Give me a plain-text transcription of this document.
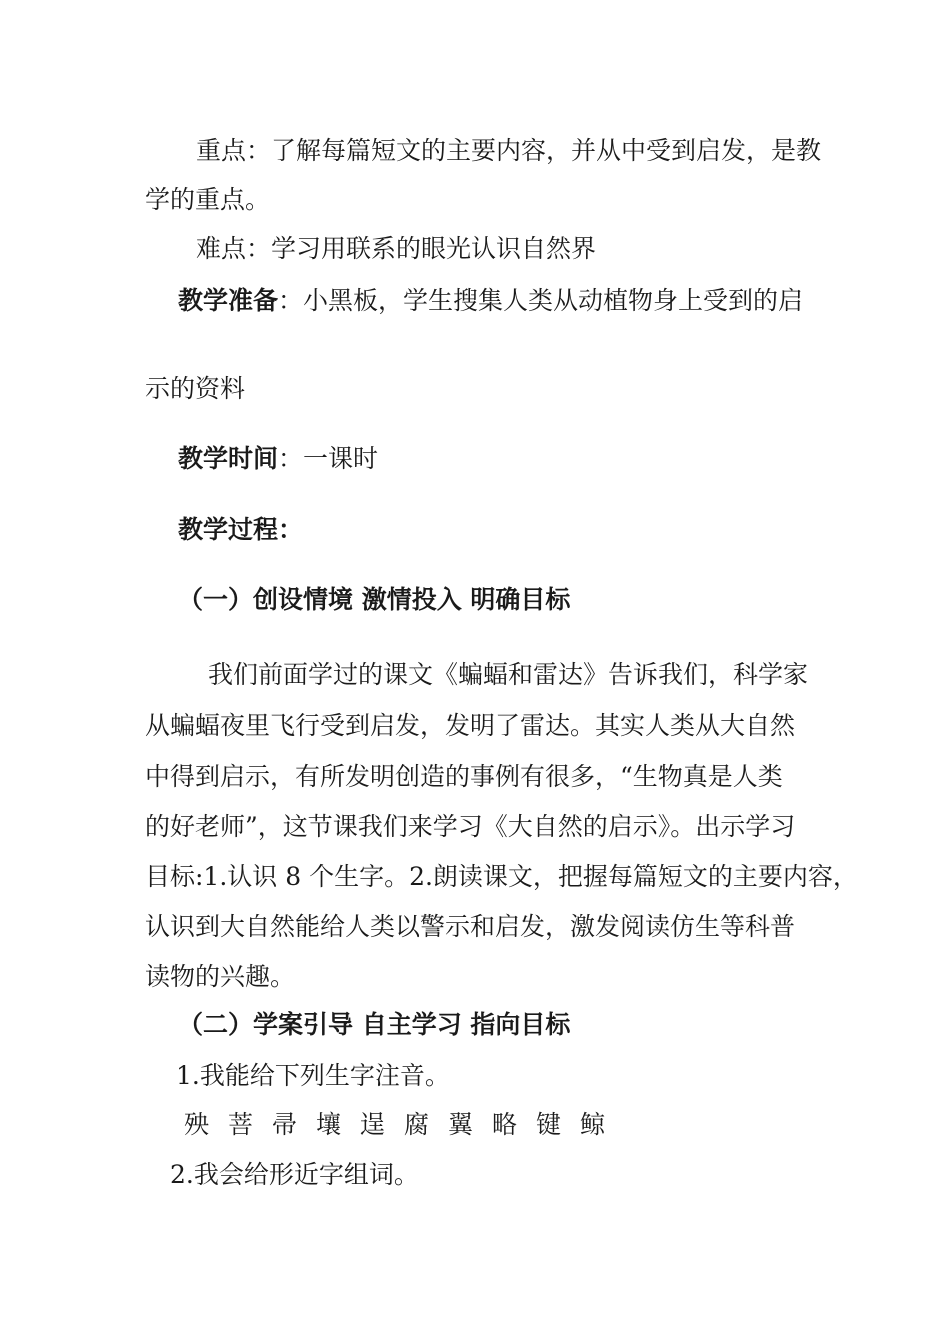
重点：了解每篇短文的主要内容，并从中受到启发，是教

学的重点。

难点：学习用联系的眼光认识自然界

教学准备：小黑板，学生搜集人类从动植物身上受到的启

示的资料

教学时间：一课时

教学过程：

（一）创设情境 激情投入 明确目标

我们前面学过的课文《蝙蝠和雷达》告诉我们，科学家

从蝙蝠夜里飞行受到启发，发明了雷达。其实人类从大自然

中得到启示，有所发明创造的事例有很多，“生物真是人类

的好老师”，这节课我们来学习《大自然的启示》。出示学习

目标:1.认识 8 个生字。2.朗读课文，把握每篇短文的主要内容，

认识到大自然能给人类以警示和启发，激发阅读仿生等科普

读物的兴趣。

（二）学案引导 自主学习 指向目标

1.我能给下列生字注音。

殃 菩 帚 壤 逞 腐 翼 略 键 鲸

2.我会给形近字组词。
